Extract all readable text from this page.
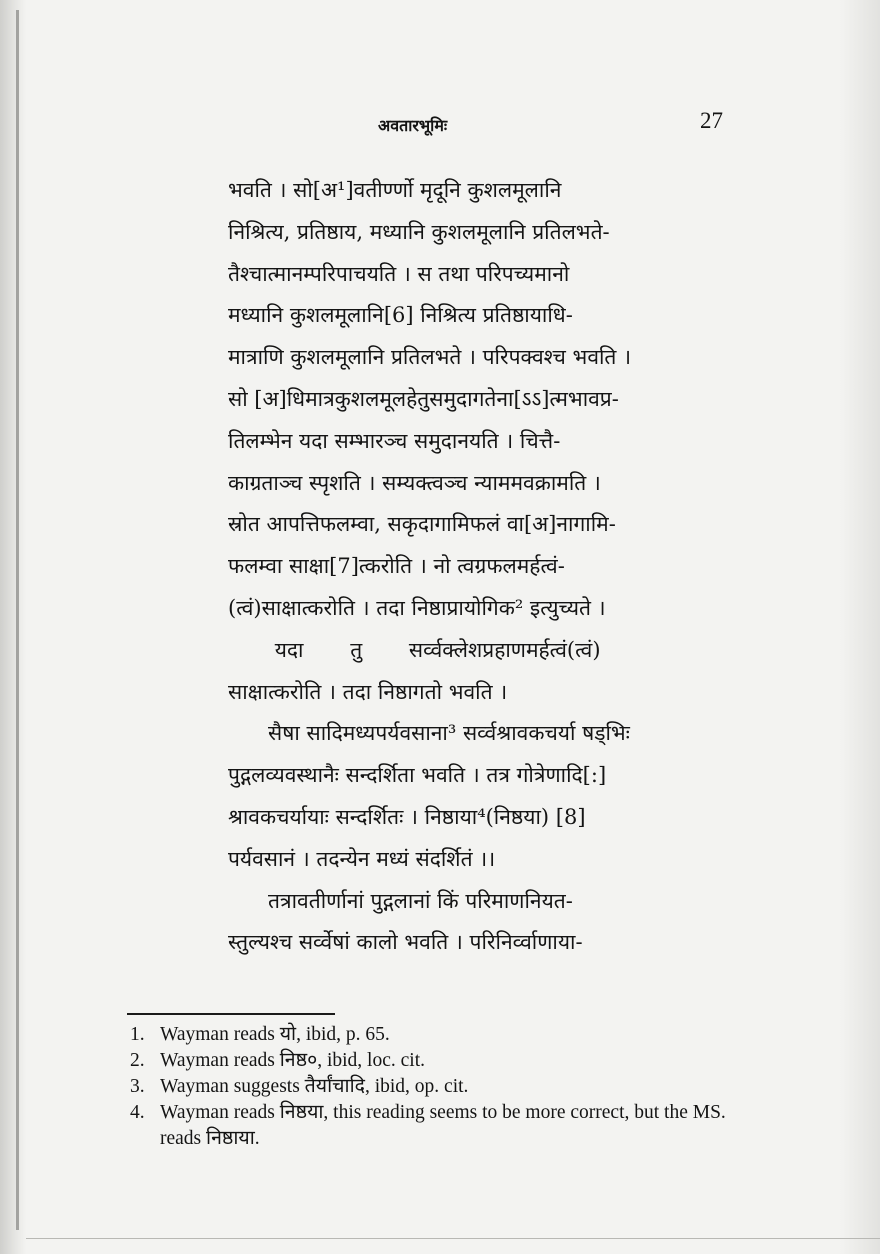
अवतारभूमिः	27
भवति । सो[अ¹]वतीर्ण्णो मृदूनि कुशलमूलानि
निश्रित्य, प्रतिष्ठाय, मध्यानि कुशलमूलानि प्रतिलभते-
तैश्चात्मानम्परिपाचयति । स तथा परिपच्यमानो
मध्यानि कुशलमूलानि[6] निश्रित्य प्रतिष्ठायाधि-
मात्राणि कुशलमूलानि प्रतिलभते । परिपक्वश्च भवति ।
सो [अ]धिमात्रकुशलमूलहेतुसमुदागतेना[ऽऽ]त्मभावप्र-
तिलम्भेन यदा सम्भारञ्च समुदानयति । चित्तै-
काग्रताञ्च स्पृशति । सम्यक्त्वञ्च न्याममवक्रामति ।
स्रोत आपत्तिफलम्वा, सकृदागामिफलं वा[अ]नागामि-
फलम्वा साक्षा[7]त्करोति । नो त्वग्रफलमर्हत्वं-
(त्वं)साक्षात्करोति । तदा निष्ठाप्रायोगिक² इत्युच्यते ।
यदा       तु       सर्व्वक्लेशप्रहाणमर्हत्वं(त्वं)
साक्षात्करोति । तदा निष्ठागतो भवति ।
सैषा सादिमध्यपर्यवसाना³ सर्व्वश्रावकचर्या षड्भिः
पुद्गलव्यवस्थानैः सन्दर्शिता भवति । तत्र गोत्रेणादि[:]
श्रावकचर्यायाः सन्दर्शितः । निष्ठाया⁴(निष्ठया) [8]
पर्यवसानं । तदन्येन मध्यं संदर्शितं ।।
तत्रावतीर्णानां पुद्गलानां किं परिमाणनियत-
स्तुल्यश्च सर्व्वेषां कालो भवति । परिनिर्व्वाणाया-
1. Wayman reads यो, ibid, p. 65.
2. Wayman reads निष्ठ०, ibid, loc. cit.
3. Wayman suggests तैर्यांचादि, ibid, op. cit.
4. Wayman reads निष्ठया, this reading seems to be more correct, but the MS. reads निष्ठाया.
